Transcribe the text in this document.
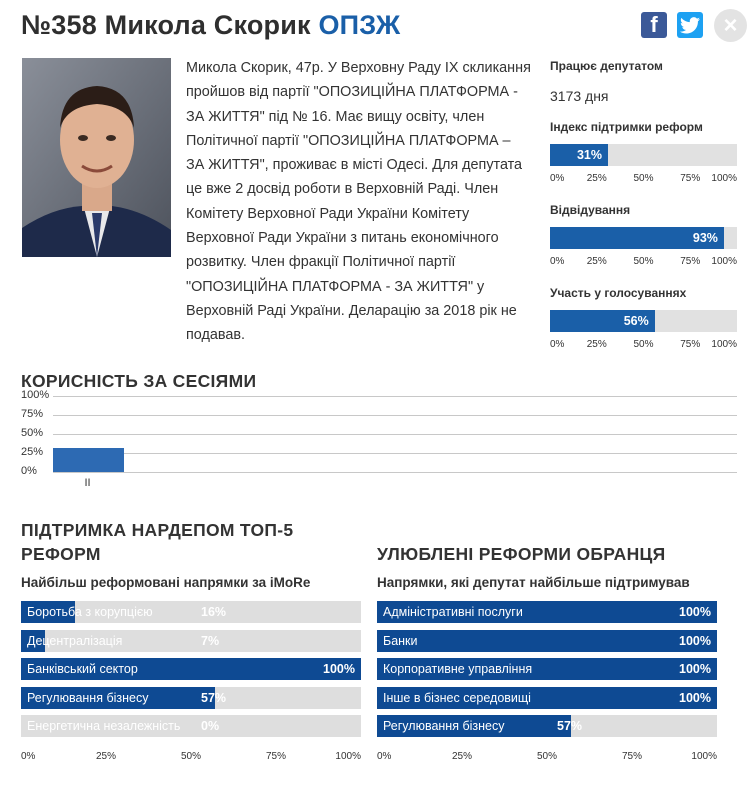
№358 Микола Скорик ОПЗЖ	f	×
Микола Скорик, 47р. У Верховну Раду IX скликання пройшов від партії "ОПОЗИЦІЙНА ПЛАТФОРМА - ЗА ЖИТТЯ" під № 16. Має вищу освіту, член Політичної партії "ОПОЗИЦІЙНА ПЛАТФОРМА – ЗА ЖИТТЯ", проживає в місті Одесі. Для депутата це вже 2 досвід роботи в Верховній Раді. Член Комітету Верховної Ради України Комітету Верховної Ради України з питань економічного розвитку. Член фракції Політичної партії "ОПОЗИЦІЙНА ПЛАТФОРМА - ЗА ЖИТТЯ" у Верховній Раді України. Деларацію за 2018 рік не подавав.
Працює депутатом
3173 дня
Індекс підтримки реформ
31%
0% 25%	50%	75% 100%
Відвідування
93%
0% 25%	50%	75% 100%
Участь у голосуваннях
56%
0% 25%	50%	75% 100%
КОРИСНІСТЬ ЗА СЕСІЯМИ
100%
75%
50%
25%
0%
II
ПІДТРИМКА НАРДЕПОМ ТОП-5
РЕФОРМ
Найбільш реформовані напрямки за iMoRe
Боротьба з корупцією	16%
Децентралізація	7%
Банківський сектор	100%
Регулювання бізнесу	57%
Енергетична незалежність 0%
0%	25%	50%	75%	100%
УЛЮБЛЕНІ РЕФОРМИ ОБРАНЦЯ
Напрямки, які депутат найбільше підтримував
Адміністративні послуги	100%
Банки	100%
Корпоративне управління	100%
Інше в бізнес середовищі	100%
Регулювання бізнесу	57%
0%	25%	50%	75%	100%
